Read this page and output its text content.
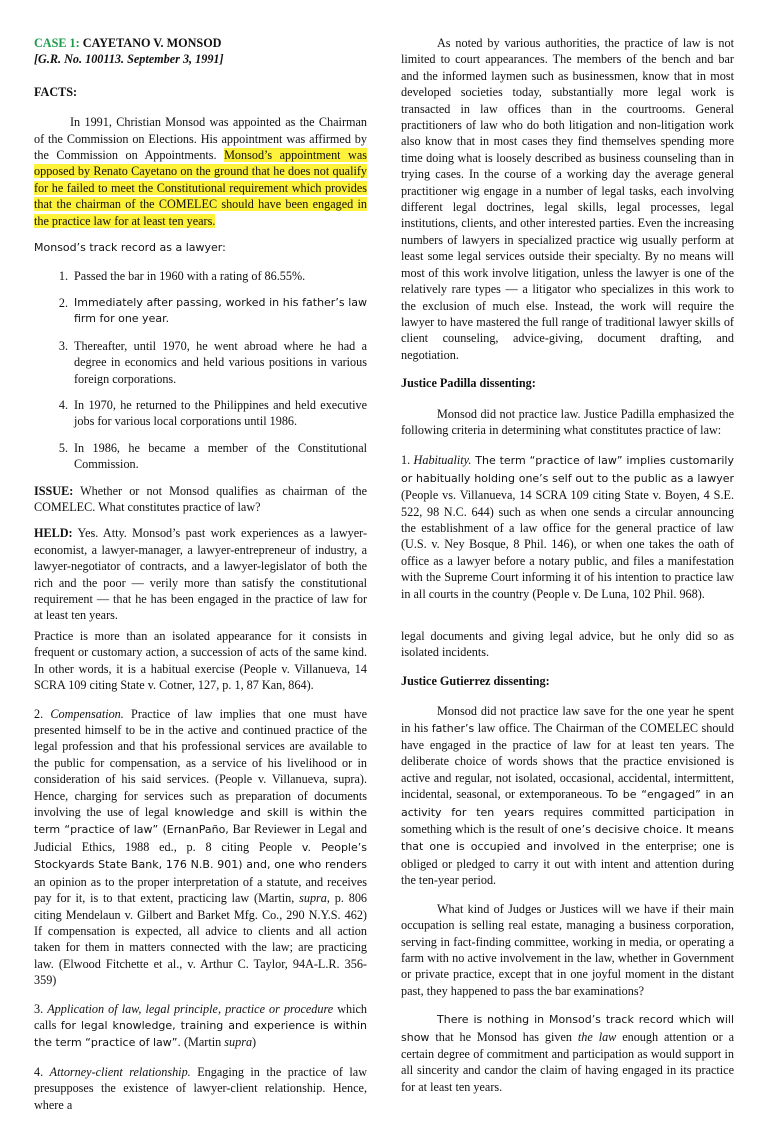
CASE 1: CAYETANO V. MONSOD
[G.R. No. 100113. September 3, 1991]
FACTS:

In 1991, Christian Monsod was appointed as the Chairman of the Commission on Elections. His appointment was affirmed by the Commission on Appointments. Monsod’s appointment was opposed by Renato Cayetano on the ground that he does not qualify for he failed to meet the Constitutional requirement which provides that the chairman of the COMELEC should have been engaged in the practice law for at least ten years.

Monsod’s track record as a lawyer:

1. Passed the bar in 1960 with a rating of 86.55%.
2. Immediately after passing, worked in his father’s law firm for one year.
3. Thereafter, until 1970, he went abroad where he had a degree in economics and held various positions in various foreign corporations.
4. In 1970, he returned to the Philippines and held executive jobs for various local corporations until 1986.
5. In 1986, he became a member of the Constitutional Commission.

ISSUE: Whether or not Monsod qualifies as chairman of the COMELEC. What constitutes practice of law?

HELD: Yes. Atty. Monsod’s past work experiences as a lawyer-economist, a lawyer-manager, a lawyer-entrepreneur of industry, a lawyer-negotiator of contracts, and a lawyer-legislator of both the rich and the poor — verily more than satisfy the constitutional requirement — that he has been engaged in the practice of law for at least ten years.

As noted by various authorities, the practice of law is not limited to court appearances. The members of the bench and bar and the informed laymen such as businessmen, know that in most developed societies today, substantially more legal work is transacted in law offices than in the courtrooms. General practitioners of law who do both litigation and non-litigation work also know that in most cases they find themselves spending more time doing what is loosely described as business counseling than in trying cases. In the course of a working day the average general practitioner wig engage in a number of legal tasks, each involving different legal doctrines, legal skills, legal processes, legal institutions, clients, and other interested parties. Even the increasing numbers of lawyers in specialized practice wig usually perform at least some legal services outside their specialty. By no means will most of this work involve litigation, unless the lawyer is one of the relatively rare types — a litigator who specializes in this work to the exclusion of much else. Instead, the work will require the lawyer to have mastered the full range of traditional lawyer skills of client counseling, advice-giving, document drafting, and negotiation.

Justice Padilla dissenting:

Monsod did not practice law. Justice Padilla emphasized the following criteria in determining what constitutes practice of law:

1. Habituality. The term “practice of law” implies customarily or habitually holding one’s self out to the public as a lawyer (People vs. Villanueva, 14 SCRA 109 citing State v. Boyen, 4 S.E. 522, 98 N.C. 644) such as when one sends a circular announcing the establishment of a law office for the general practice of law (U.S. v. Ney Bosque, 8 Phil. 146), or when one takes the oath of office as a lawyer before a notary public, and files a manifestation with the Supreme Court informing it of his intention to practice law in all courts in the country (People v. De Luna, 102 Phil. 968).

Practice is more than an isolated appearance for it consists in frequent or customary action, a succession of acts of the same kind. In other words, it is a habitual exercise (People v. Villanueva, 14 SCRA 109 citing State v. Cotner, 127, p. 1, 87 Kan, 864).

2. Compensation. Practice of law implies that one must have presented himself to be in the active and continued practice of the legal profession and that his professional services are available to the public for compensation, as a service of his livelihood or in consideration of his said services. (People v. Villanueva, supra). Hence, charging for services such as preparation of documents involving the use of legal knowledge and skill is within the term “practice of law” (ErnanPaño, Bar Reviewer in Legal and Judicial Ethics, 1988 ed., p. 8 citing People v. People’s Stockyards State Bank, 176 N.B. 901) and, one who renders an opinion as to the proper interpretation of a statute, and receives pay for it, is to that extent, practicing law (Martin, supra, p. 806 citing Mendelaun v. Gilbert and Barket Mfg. Co., 290 N.Y.S. 462) If compensation is expected, all advice to clients and all action taken for them in matters connected with the law; are practicing law. (Elwood Fitchette et al., v. Arthur C. Taylor, 94A-L.R. 356-359)

3. Application of law, legal principle, practice or procedure which calls for legal knowledge, training and experience is within the term “practice of law”. (Martin supra)

4. Attorney-client relationship. Engaging in the practice of law presupposes the existence of lawyer-client relationship. Hence, where a

legal documents and giving legal advice, but he only did so as isolated incidents.

Justice Gutierrez dissenting:

Monsod did not practice law save for the one year he spent in his father’s law office. The Chairman of the COMELEC should have engaged in the practice of law for at least ten years. The deliberate choice of words shows that the practice envisioned is active and regular, not isolated, occasional, accidental, intermittent, incidental, seasonal, or extemporaneous. To be “engaged” in an activity for ten years requires committed participation in something which is the result of one’s decisive choice. It means that one is occupied and involved in the enterprise; one is obliged or pledged to carry it out with intent and attention during the ten-year period.

What kind of Judges or Justices will we have if their main occupation is selling real estate, managing a business corporation, serving in fact-finding committee, working in media, or operating a farm with no active involvement in the law, whether in Government or private practice, except that in one joyful moment in the distant past, they happened to pass the bar examinations?

There is nothing in Monsod’s track record which will show that he Monsod has given the law enough attention or a certain degree of commitment and participation as would support in all sincerity and candor the claim of having engaged in its practice for at least ten years.
